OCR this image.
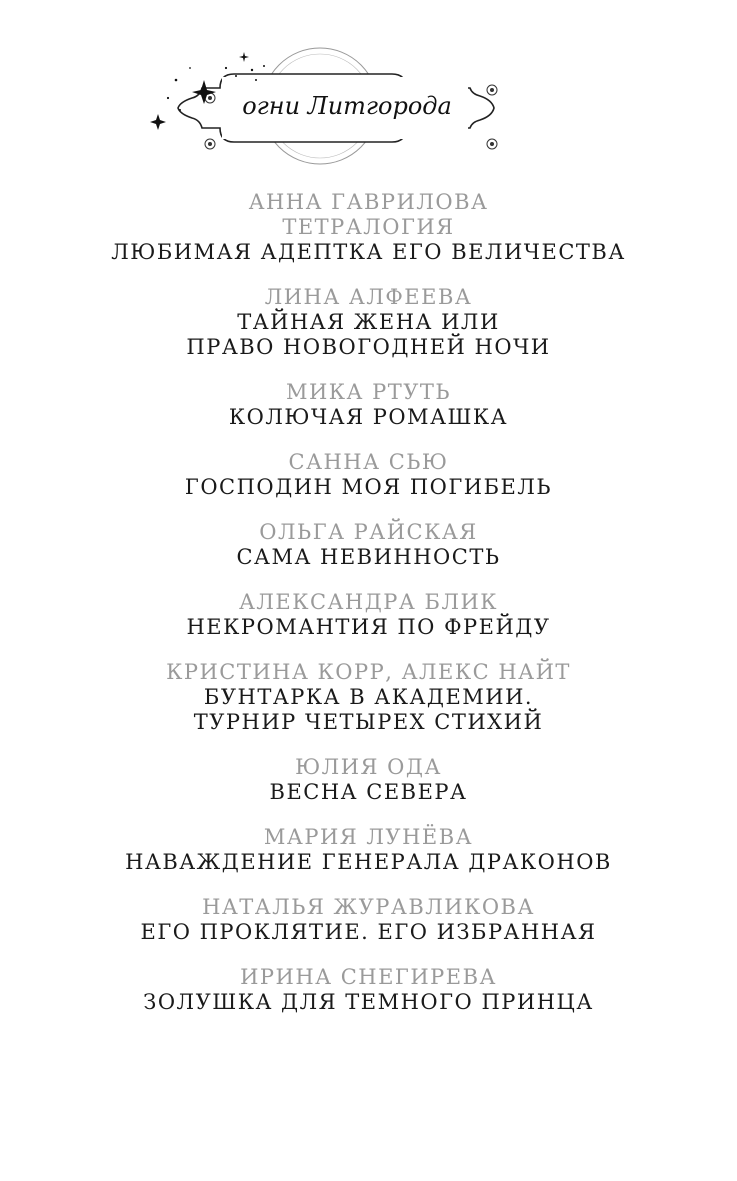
огни Литгорода
АННА ГАВРИЛОВА
ТЕТРАЛОГИЯ
ЛЮБИМАЯ АДЕПТКА ЕГО ВЕЛИЧЕСТВА
ЛИНА АЛФЕЕВА
ТАЙНАЯ ЖЕНА ИЛИ
ПРАВО НОВОГОДНЕЙ НОЧИ
МИКА РТУТЬ
КОЛЮЧАЯ РОМАШКА
САННА СЬЮ
ГОСПОДИН МОЯ ПОГИБЕЛЬ
ОЛЬГА РАЙСКАЯ
САМА НЕВИННОСТЬ
АЛЕКСАНДРА БЛИК
НЕКРОМАНТИЯ ПО ФРЕЙДУ
КРИСТИНА КОРР, АЛЕКС НАЙТ
БУНТАРКА В АКАДЕМИИ.
ТУРНИР ЧЕТЫРЕХ СТИХИЙ
ЮЛИЯ ОДА
ВЕСНА СЕВЕРА
МАРИЯ ЛУНЁВА
НАВАЖДЕНИЕ ГЕНЕРАЛА ДРАКОНОВ
НАТАЛЬЯ ЖУРАВЛИКОВА
ЕГО ПРОКЛЯТИЕ. ЕГО ИЗБРАННАЯ
ИРИНА СНЕГИРЕВА
ЗОЛУШКА ДЛЯ ТЕМНОГО ПРИНЦА
